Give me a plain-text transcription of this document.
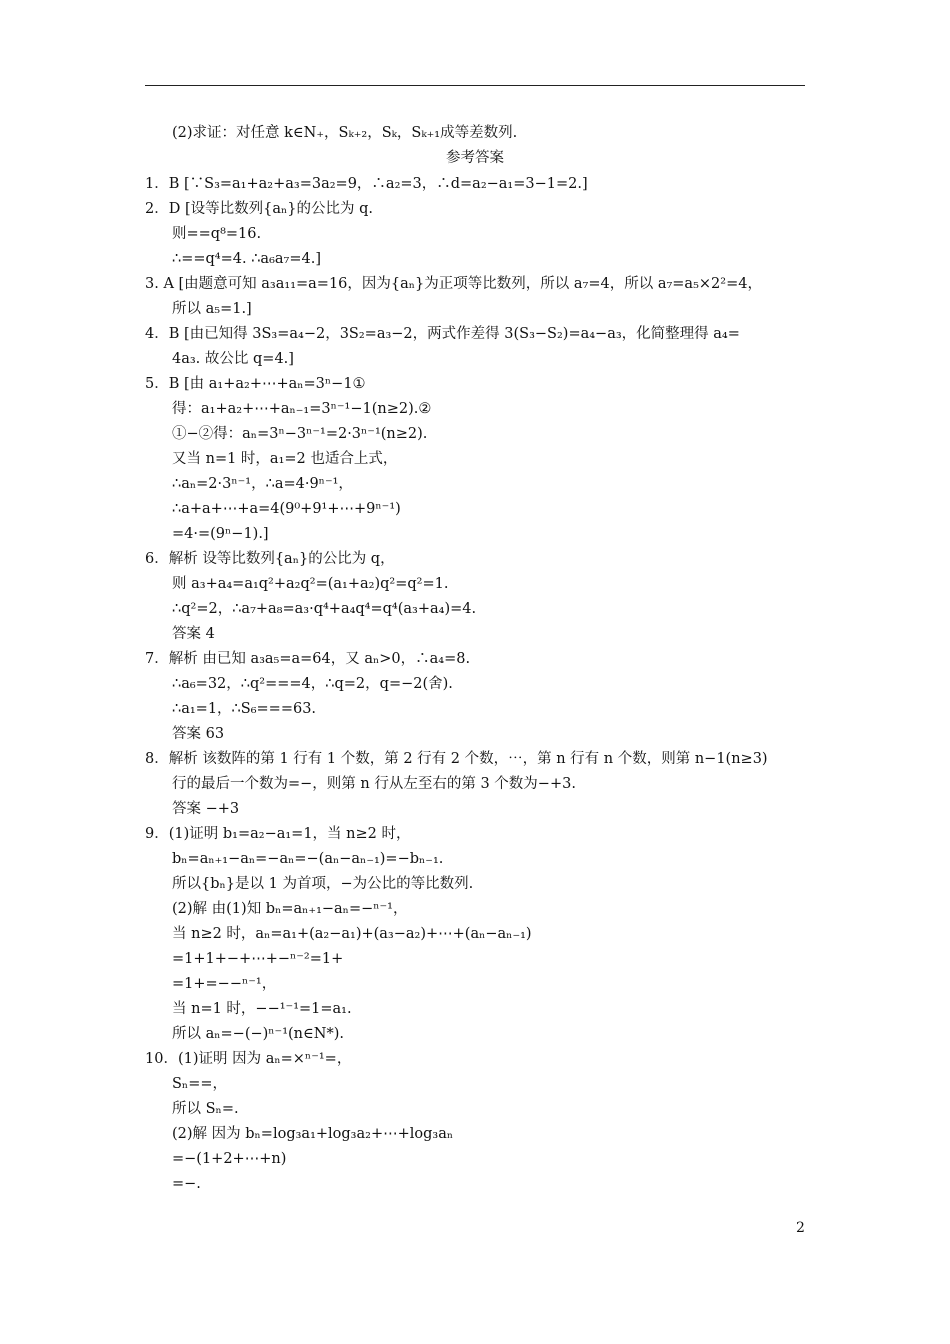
(2)求证：对任意 k∈N₊，Sₖ₊₂，Sₖ，Sₖ₊₁成等差数列.
参考答案
1．B [∵S₃=a₁+a₂+a₃=3a₂=9，∴a₂=3，∴d=a₂−a₁=3−1=2.]
2．D [设等比数列{aₙ}的公比为 q.
则==q⁸=16.
∴==q⁴=4. ∴a₆a₇=4.]
3. A [由题意可知 a₃a₁₁=a=16，因为{aₙ}为正项等比数列，所以 a₇=4，所以 a₇=a₅×2²=4，
所以 a₅=1.]
4．B [由已知得 3S₃=a₄−2，3S₂=a₃−2，两式作差得 3(S₃−S₂)=a₄−a₃，化简整理得 a₄=
4a₃. 故公比 q=4.]
5．B [由 a₁+a₂+⋯+aₙ=3ⁿ−1①
得：a₁+a₂+⋯+aₙ₋₁=3ⁿ⁻¹−1(n≥2).②
①−②得：aₙ=3ⁿ−3ⁿ⁻¹=2·3ⁿ⁻¹(n≥2).
又当 n=1 时，a₁=2 也适合上式，
∴aₙ=2·3ⁿ⁻¹，∴a=4·9ⁿ⁻¹，
∴a+a+⋯+a=4(9⁰+9¹+⋯+9ⁿ⁻¹)
=4·=(9ⁿ−1).]
6．解析 设等比数列{aₙ}的公比为 q，
则 a₃+a₄=a₁q²+a₂q²=(a₁+a₂)q²=q²=1.
∴q²=2，∴a₇+a₈=a₃·q⁴+a₄q⁴=q⁴(a₃+a₄)=4.
答案 4
7．解析 由已知 a₃a₅=a=64，又 aₙ>0，∴a₄=8.
∴a₆=32，∴q²===4，∴q=2，q=−2(舍).
∴a₁=1，∴S₆===63.
答案 63
8．解析 该数阵的第 1 行有 1 个数，第 2 行有 2 个数，⋯，第 n 行有 n 个数，则第 n−1(n≥3)
行的最后一个数为=−，则第 n 行从左至右的第 3 个数为−+3.
答案 −+3
9．(1)证明 b₁=a₂−a₁=1，当 n≥2 时，
bₙ=aₙ₊₁−aₙ=−aₙ=−(aₙ−aₙ₋₁)=−bₙ₋₁.
所以{bₙ}是以 1 为首项，−为公比的等比数列.
(2)解 由(1)知 bₙ=aₙ₊₁−aₙ=−ⁿ⁻¹，
当 n≥2 时，aₙ=a₁+(a₂−a₁)+(a₃−a₂)+⋯+(aₙ−aₙ₋₁)
=1+1+−+⋯+−ⁿ⁻²=1+
=1+=−−ⁿ⁻¹，
当 n=1 时，−−¹⁻¹=1=a₁.
所以 aₙ=−(−)ⁿ⁻¹(n∈N*).
10．(1)证明 因为 aₙ=×ⁿ⁻¹=，
Sₙ==，
所以 Sₙ=.
(2)解 因为 bₙ=log₃a₁+log₃a₂+⋯+log₃aₙ
=−(1+2+⋯+n)
=−.
2
